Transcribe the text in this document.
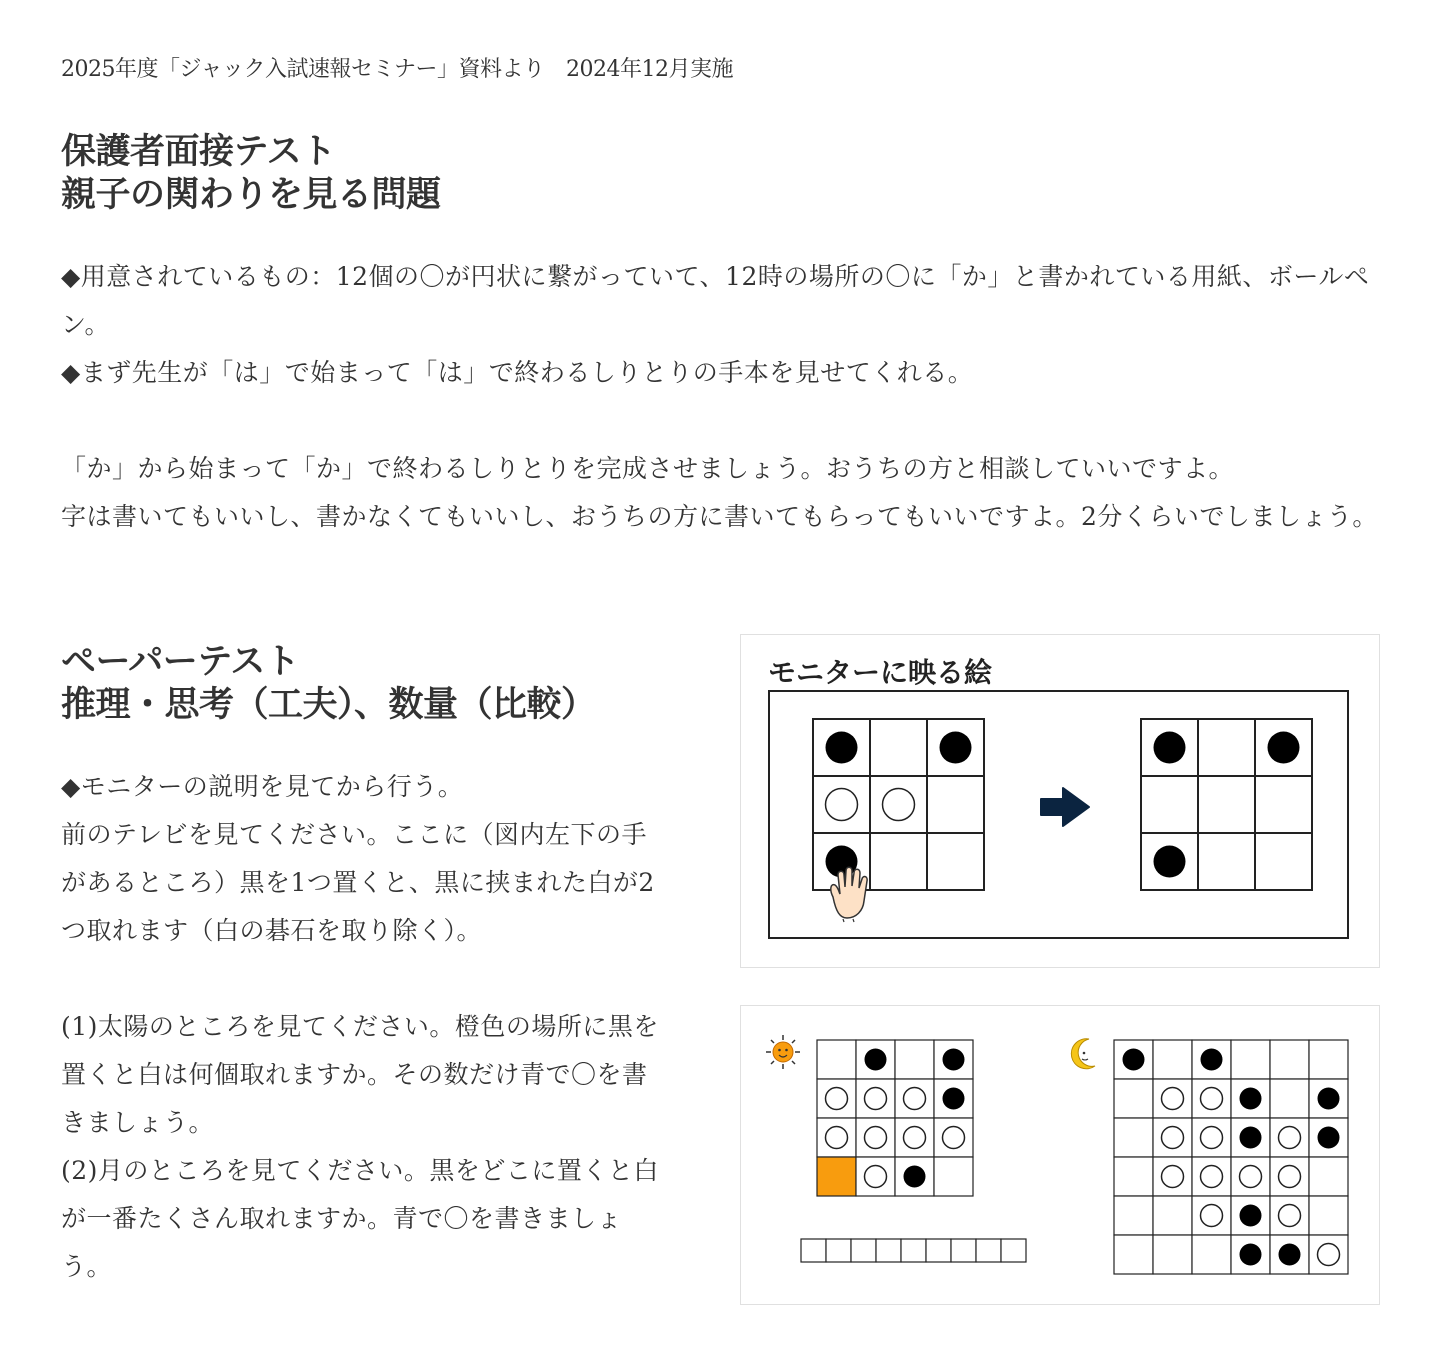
2025年度「ジャック入試速報セミナー」資料より　2024年12月実施
保護者面接テスト
親子の関わりを見る問題

◆用意されているもの：12個の〇が円状に繋がっていて、12時の場所の〇に「か」と書かれている用紙、ボールペン。

◆まず先生が「は」で始まって「は」で終わるしりとりの手本を見せてくれる。

「か」から始まって「か」で終わるしりとりを完成させましょう。おうちの方と相談していいですよ。

字は書いてもいいし、書かなくてもいいし、おうちの方に書いてもらってもいいですよ。2分くらいでしましょう。

ペーパーテスト
推理・思考（工夫）、数量（比較）

◆モニターの説明を見てから行う。

前のテレビを見てください。ここに（図内左下の手があるところ）黒を1つ置くと、黒に挟まれた白が2つ取れます（白の碁石を取り除く）。

(1)太陽のところを見てください。橙色の場所に黒を置くと白は何個取れますか。その数だけ青で〇を書きましょう。

(2)月のところを見てください。黒をどこに置くと白が一番たくさん取れますか。青で〇を書きましょう。

モニターに映る絵
